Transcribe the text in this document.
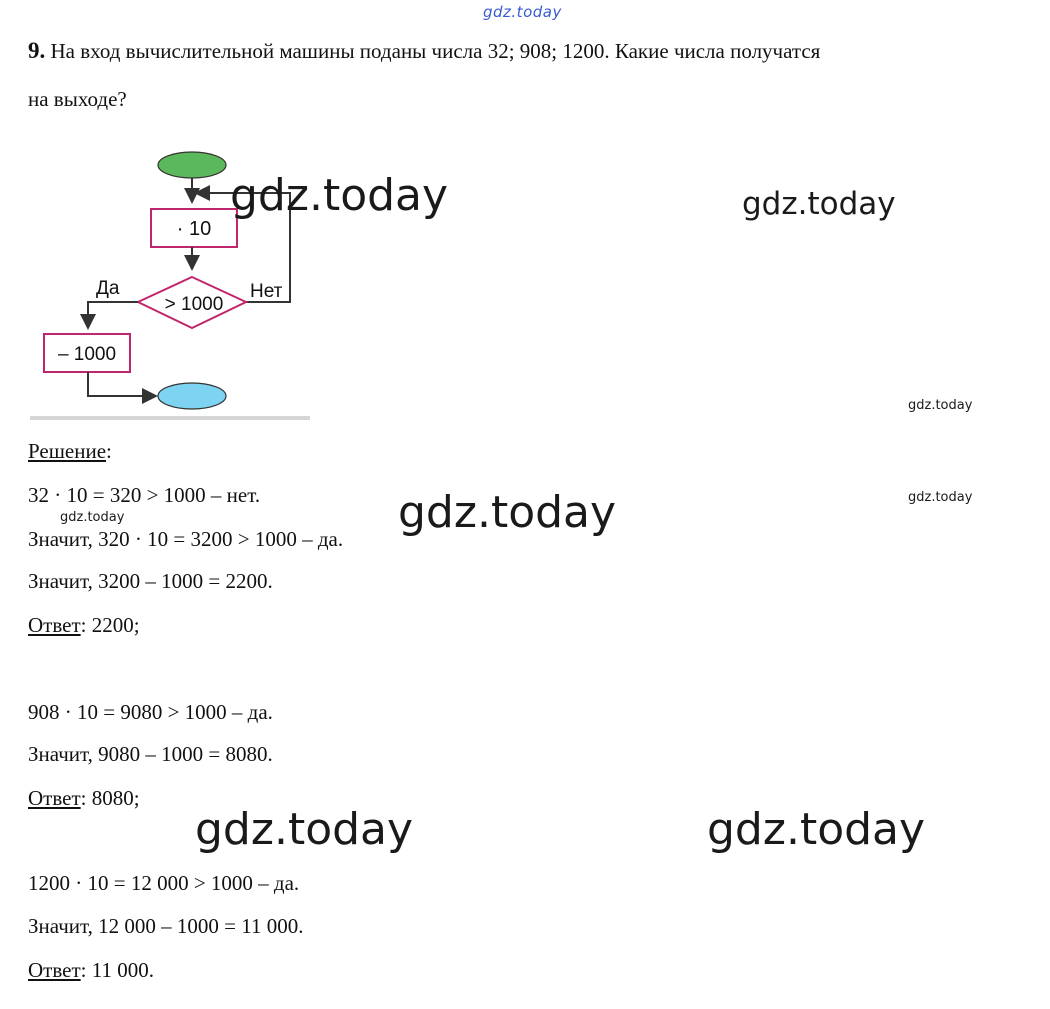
gdz.today
9. На вход вычислительной машины поданы числа 32; 908; 1200. Какие числа получатся
на выходе?
· 10
> 1000
Нет
Да
– 1000
gdz.today	gdz.today
gdz.today
gdz.today
Решение:
32 · 10 = 320 > 1000 – нет.
Значит, 320 · 10 = 3200 > 1000 – да.
Значит, 3200 – 1000 = 2200.
Ответ: 2200;
gdz.today	gdz.today
908 · 10 = 9080 > 1000 – да.
Значит, 9080 – 1000 = 8080.
Ответ: 8080;
gdz.today	gdz.today
1200 · 10 = 12 000 > 1000 – да.
Значит, 12 000 – 1000 = 11 000.
Ответ: 11 000.
